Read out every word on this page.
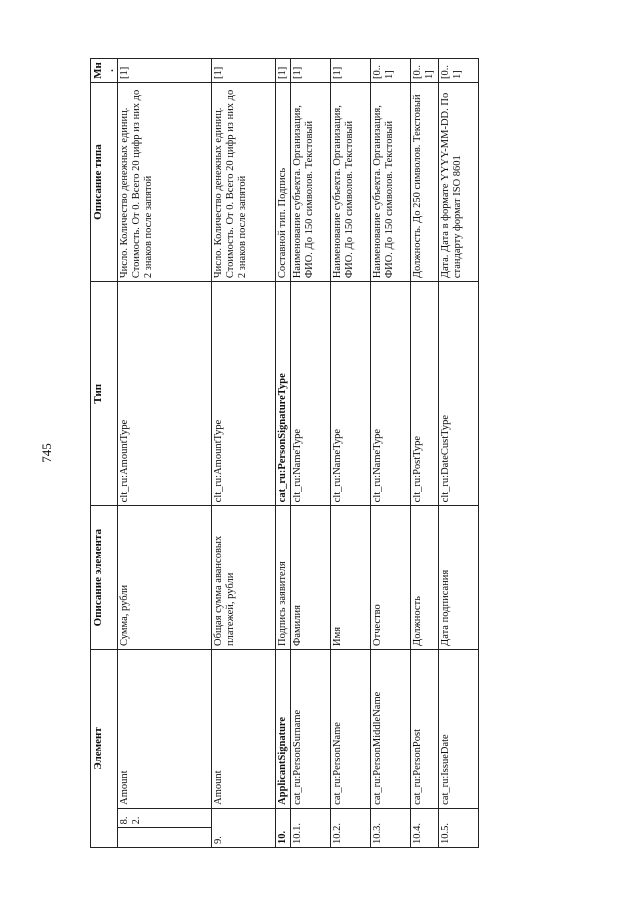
745
Элемент			Описание элемента	Тип	Описание типа	Мн.
	8.2.	Amount	Сумма, рубли	clt_ru:AmountType	Число. Количество денежных единиц. Стоимость. От 0. Всего 20 цифр из них до 2 знаков после запятой	[1]
9.		Amount	Общая сумма авансовых платежей, рубли	clt_ru:AmountType	Число. Количество денежных единиц. Стоимость. От 0. Всего 20 цифр из них до 2 знаков после запятой	[1]
10.		ApplicantSignature	Подпись заявителя	cat_ru:PersonSignatureType	Составной тип. Подпись	[1]
10.1.		cat_ru:PersonSurname	Фамилия	clt_ru:NameType	Наименование субъекта. Организация, ФИО. До 150 символов. Текстовый	[1]
10.2.		cat_ru:PersonName	Имя	clt_ru:NameType	Наименование субъекта. Организация, ФИО. До 150 символов. Текстовый	[1]
10.3.		cat_ru:PersonMiddleName	Отчество	clt_ru:NameType	Наименование субъекта. Организация, ФИО. До 150 символов. Текстовый	[0..1]
10.4.		cat_ru:PersonPost	Должность	clt_ru:PostType	Должность. До 250 символов. Текстовый	[0..1]
10.5.		cat_ru:IssueDate	Дата подписания	clt_ru:DateCustType	Дата. Дата в формате YYYY-MM-DD. По стандарту формат ISO 8601	[0..1]
